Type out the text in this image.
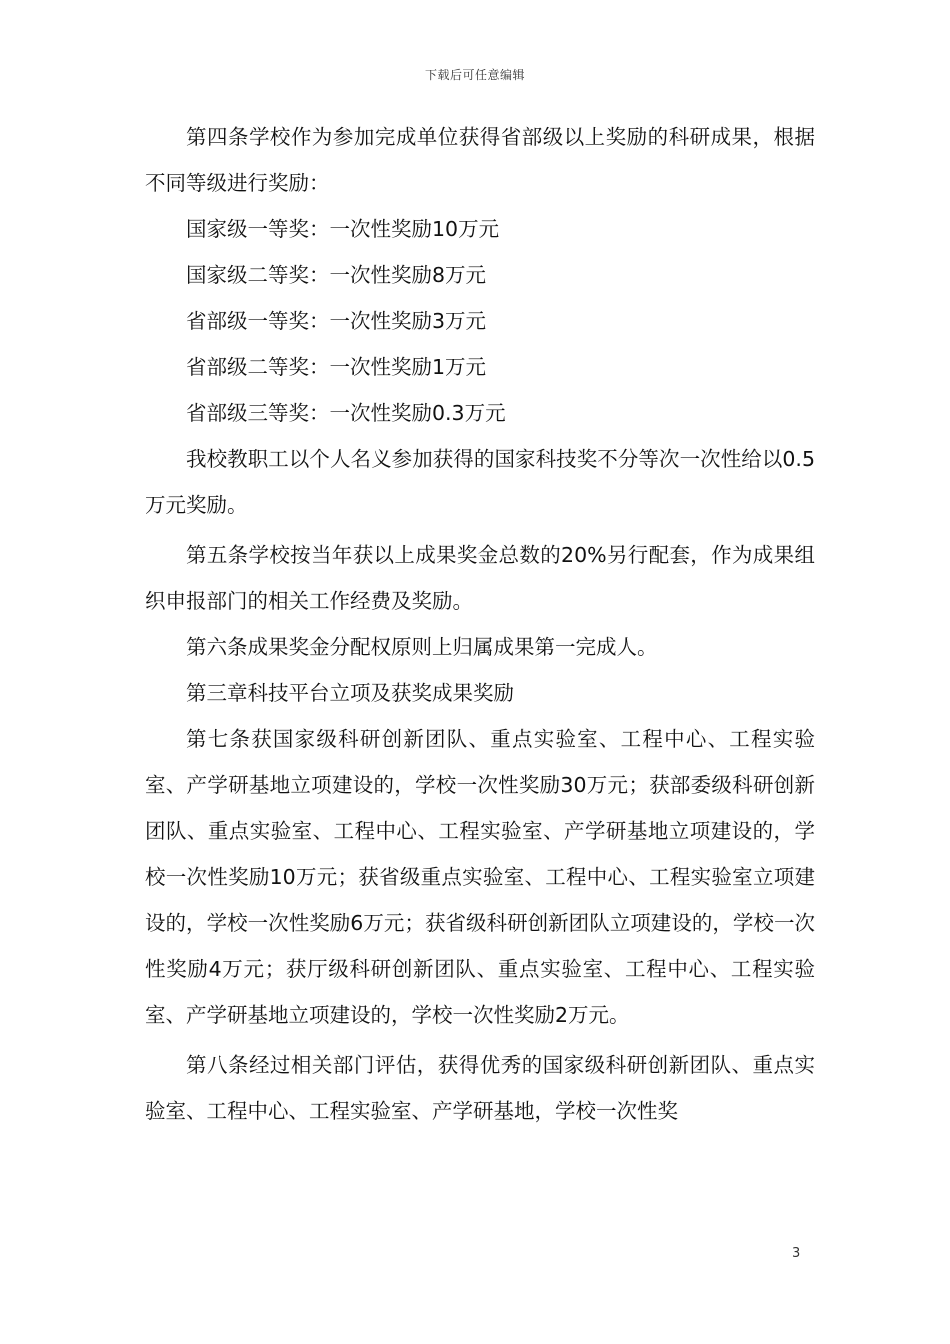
下载后可任意编辑

第四条学校作为参加完成单位获得省部级以上奖励的科研成果，根据不同等级进行奖励：

国家级一等奖：一次性奖励10万元

国家级二等奖：一次性奖励8万元

省部级一等奖：一次性奖励3万元

省部级二等奖：一次性奖励1万元

省部级三等奖：一次性奖励0.3万元

我校教职工以个人名义参加获得的国家科技奖不分等次一次性给以0.5万元奖励。

第五条学校按当年获以上成果奖金总数的20%另行配套，作为成果组织申报部门的相关工作经费及奖励。

第六条成果奖金分配权原则上归属成果第一完成人。

第三章科技平台立项及获奖成果奖励

第七条获国家级科研创新团队、重点实验室、工程中心、工程实验室、产学研基地立项建设的，学校一次性奖励30万元；获部委级科研创新团队、重点实验室、工程中心、工程实验室、产学研基地立项建设的，学校一次性奖励10万元；获省级重点实验室、工程中心、工程实验室立项建设的，学校一次性奖励6万元；获省级科研创新团队立项建设的，学校一次性奖励4万元；获厅级科研创新团队、重点实验室、工程中心、工程实验室、产学研基地立项建设的，学校一次性奖励2万元。

第八条经过相关部门评估，获得优秀的国家级科研创新团队、重点实验室、工程中心、工程实验室、产学研基地，学校一次性奖

3
